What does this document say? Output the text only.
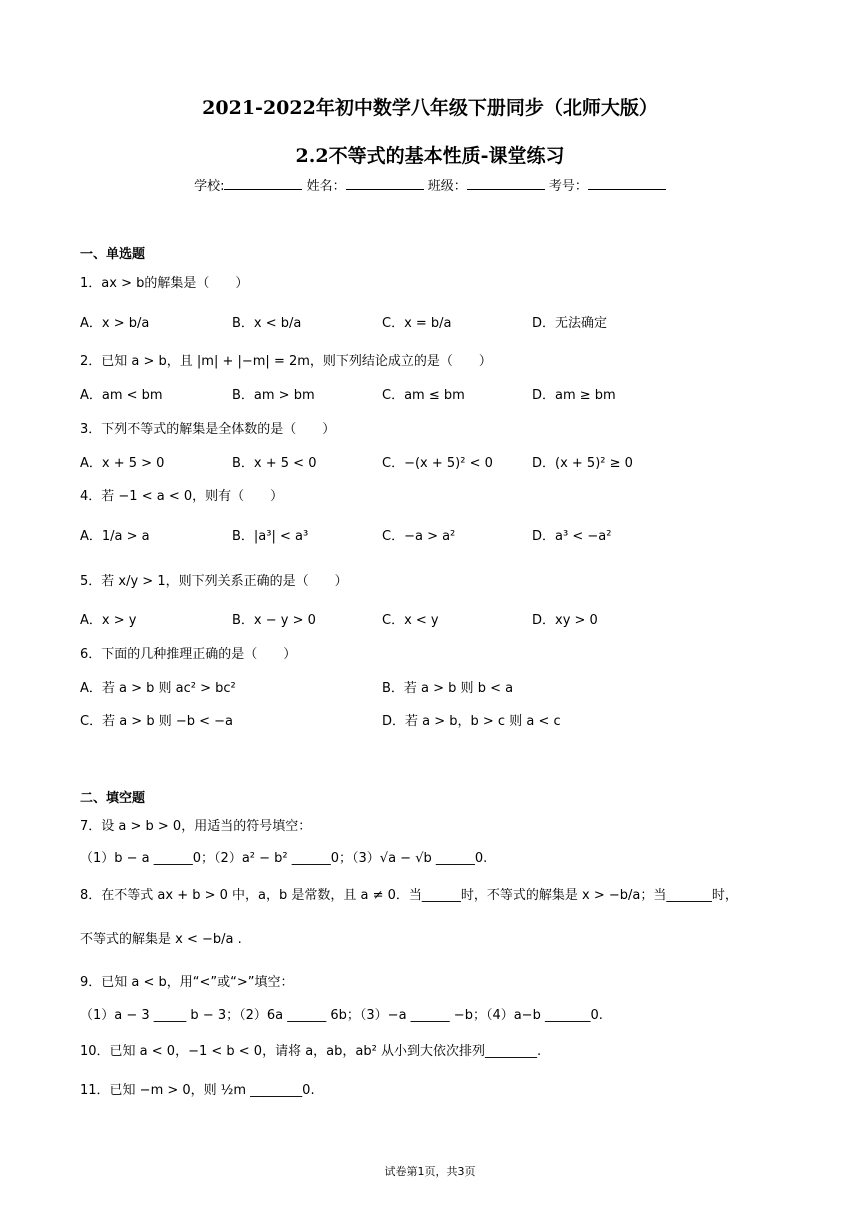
2021-2022年初中数学八年级下册同步（北师大版）
2.2不等式的基本性质-课堂练习
学校:	姓名：	班级：	考号：
一、单选题
1．ax > b的解集是（　　）
A．x > b/a	B．x < b/a	C．x = b/a	D．无法确定
2．已知 a > b，且 |m| + |−m| = 2m，则下列结论成立的是（　　）
A．am < bm	B．am > bm	C．am ≤ bm	D．am ≥ bm
3．下列不等式的解集是全体数的是（　　）
A．x + 5 > 0	B．x + 5 < 0	C．−(x + 5)² < 0	D．(x + 5)² ≥ 0
4．若 −1 < a < 0，则有（　　）
A．1/a > a	B．|a³| < a³	C．−a > a²	D．a³ < −a²
5．若 x/y > 1，则下列关系正确的是（　　）
A．x > y	B．x − y > 0	C．x < y	D．xy > 0
6．下面的几种推理正确的是（　　）
A．若 a > b 则 ac² > bc²	B．若 a > b 则 b < a
C．若 a > b 则 −b < −a	D．若 a > b，b > c 则 a < c
二、填空题
7．设 a > b > 0，用适当的符号填空：
（1）b − a ______0；（2）a² − b² ______0；（3）√a − √b ______0.
8．在不等式 ax + b > 0 中，a，b 是常数，且 a ≠ 0．当______时，不等式的解集是 x > −b/a；当_______时，
不等式的解集是 x < −b/a .
9．已知 a < b，用“<”或“>”填空：
（1）a − 3 _____ b − 3；（2）6a ______ 6b；（3）−a ______ −b；（4）a−b _______0.
10．已知 a < 0，−1 < b < 0，请将 a，ab，ab² 从小到大依次排列________.
11．已知 −m > 0，则 ½m ________0.
试卷第1页，共3页
